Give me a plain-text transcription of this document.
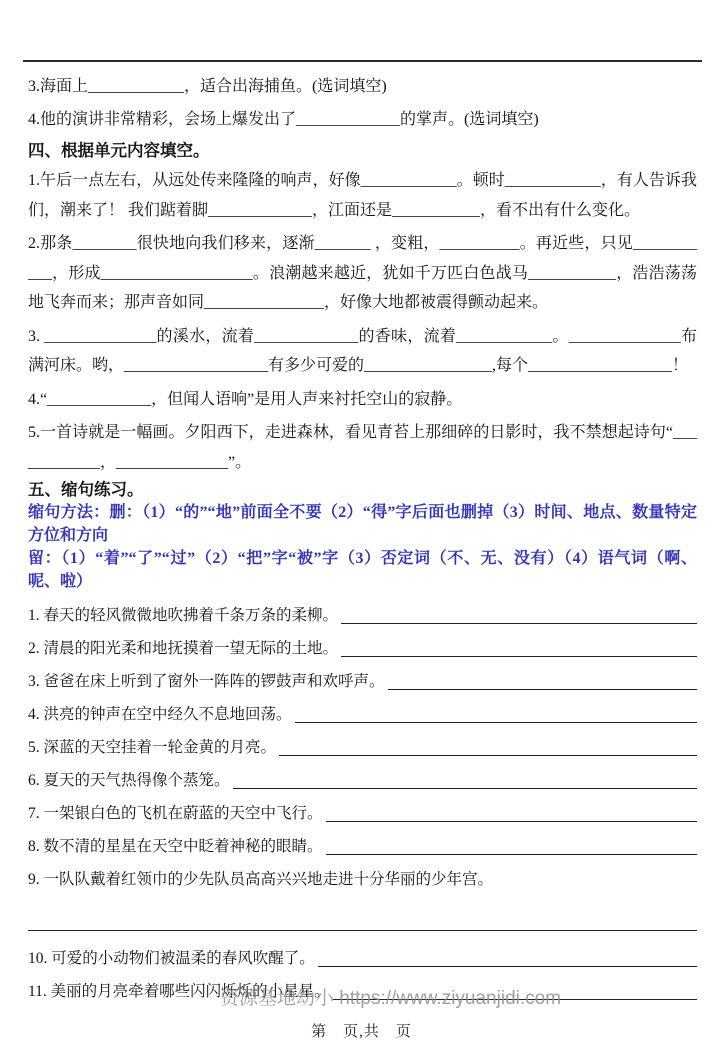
3.海面上____________，适合出海捕鱼。(选词填空)

4.他的演讲非常精彩，会场上爆发出了_____________的掌声。(选词填空)

四、根据单元内容填空。

1.午后一点左右，从远处传来隆隆的响声，好像____________。顿时____________，有人告诉我们，潮来了！ 我们踮着脚_____________，江面还是___________，看不出有什么变化。

2.那条________很快地向我们移来，逐渐_______ ，变粗，__________。再近些，只见___________，形成___________________。浪潮越来越近，犹如千万匹白色战马___________，浩浩荡荡地飞奔而来；那声音如同_______________，好像大地都被震得颤动起来。

3. ______________的溪水，流着_____________的香味，流着____________。______________布满河床。哟，__________________有多少可爱的________________,每个__________________！

4.“_____________，但闻人语响”是用人声来衬托空山的寂静。

5.一首诗就是一幅画。夕阳西下，走进森林，看见青苔上那细碎的日影时，我不禁想起诗句“____________，______________”。

五、缩句练习。

缩句方法：删：（1）“的”“地”前面全不要（2）“得”字后面也删掉（3）时间、地点、数量特定方位和方向

留：（1）“着”“了”“过”（2）“把”字“被”字（3）否定词（不、无、没有）（4）语气词（啊、呢、啦）

1. 春天的轻风微微地吹拂着千条万条的柔柳。
2. 清晨的阳光柔和地抚摸着一望无际的土地。
3. 爸爸在床上听到了窗外一阵阵的锣鼓声和欢呼声。
4. 洪亮的钟声在空中经久不息地回荡。
5. 深蓝的天空挂着一轮金黄的月亮。
6. 夏天的天气热得像个蒸笼。
7. 一架银白色的飞机在蔚蓝的天空中飞行。
8. 数不清的星星在天空中眨着神秘的眼睛。
9. 一队队戴着红领巾的少先队员高高兴兴地走进十分华丽的少年宫。
10. 可爱的小动物们被温柔的春风吹醒了。
11. 美丽的月亮牵着哪些闪闪烁烁的小星星。
资源基地幼小 https://www.ziyuanjidi.com
第　页,共　页
